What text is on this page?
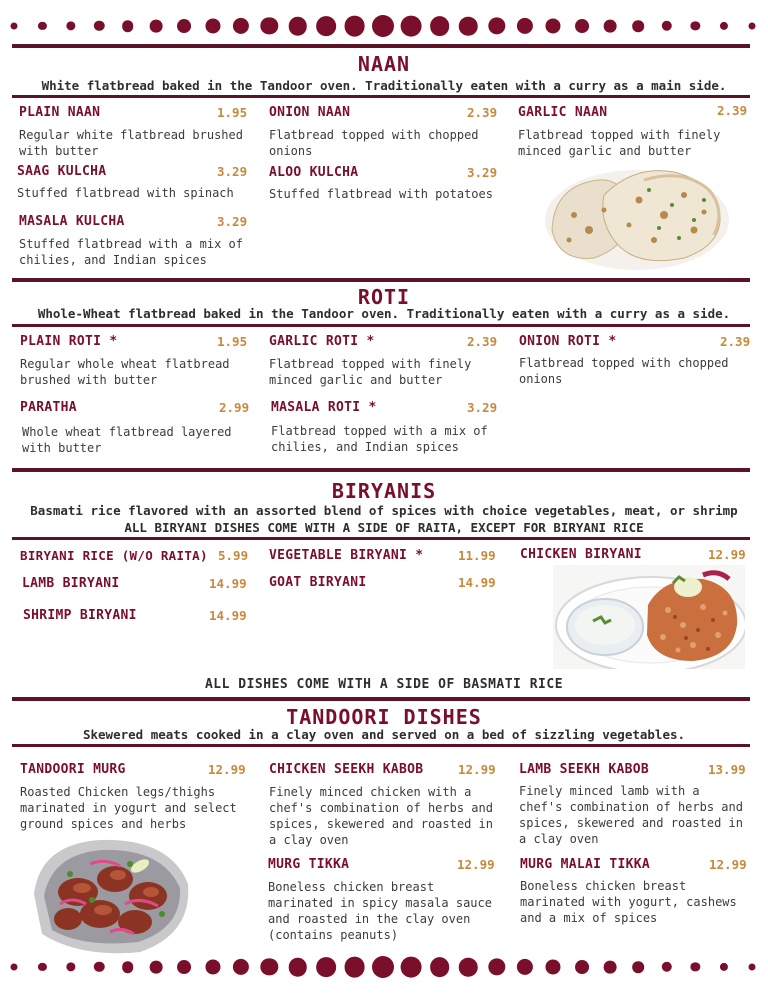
NAAN
White flatbread baked in the Tandoor oven. Traditionally eaten with a curry as a main side.
PLAIN NAAN	1.95
Regular white flatbread brushed with butter
ONION NAAN	2.39
Flatbread topped with chopped onions
GARLIC NAAN	2.39
Flatbread topped with finely minced garlic and butter
SAAG KULCHA	3.29
Stuffed flatbread with spinach
ALOO KULCHA	3.29
Stuffed flatbread with potatoes
MASALA KULCHA	3.29
Stuffed flatbread with a mix of chilies, and Indian spices
ROTI
Whole-Wheat flatbread baked in the Tandoor oven. Traditionally eaten with a curry as a side.
PLAIN ROTI *	1.95
Regular whole wheat flatbread brushed with butter
GARLIC ROTI *	2.39
Flatbread topped with finely minced garlic and butter
ONION ROTI *	2.39
Flatbread topped with chopped onions
PARATHA	2.99
Whole wheat flatbread layered with butter
MASALA ROTI *	3.29
Flatbread topped with a mix of chilies, and Indian spices
BIRYANIS
Basmati rice flavored with an assorted blend of spices with choice vegetables, meat, or shrimp
ALL BIRYANI DISHES COME WITH A SIDE OF RAITA, EXCEPT FOR BIRYANI RICE
BIRYANI RICE (W/O RAITA) 5.99 VEGETABLE BIRYANI *	11.99 CHICKEN BIRYANI	12.99
LAMB BIRYANI	14.99 GOAT BIRYANI	14.99
SHRIMP BIRYANI	14.99
ALL DISHES COME WITH A SIDE OF BASMATI RICE
TANDOORI DISHES
Skewered meats cooked in a clay oven and served on a bed of sizzling vegetables.
TANDOORI MURG	12.99
Roasted Chicken legs/thighs marinated in yogurt and select ground spices and herbs
CHICKEN SEEKH KABOB	12.99
Finely minced chicken with a chef's combination of herbs and spices, skewered and roasted in a clay oven
LAMB SEEKH KABOB	13.99
Finely minced lamb with a chef's combination of herbs and spices, skewered and roasted in a clay oven
MURG TIKKA	12.99
Boneless chicken breast marinated in spicy masala sauce and roasted in the clay oven (contains peanuts)
MURG MALAI TIKKA	12.99
Boneless chicken breast marinated with yogurt, cashews and a mix of spices
